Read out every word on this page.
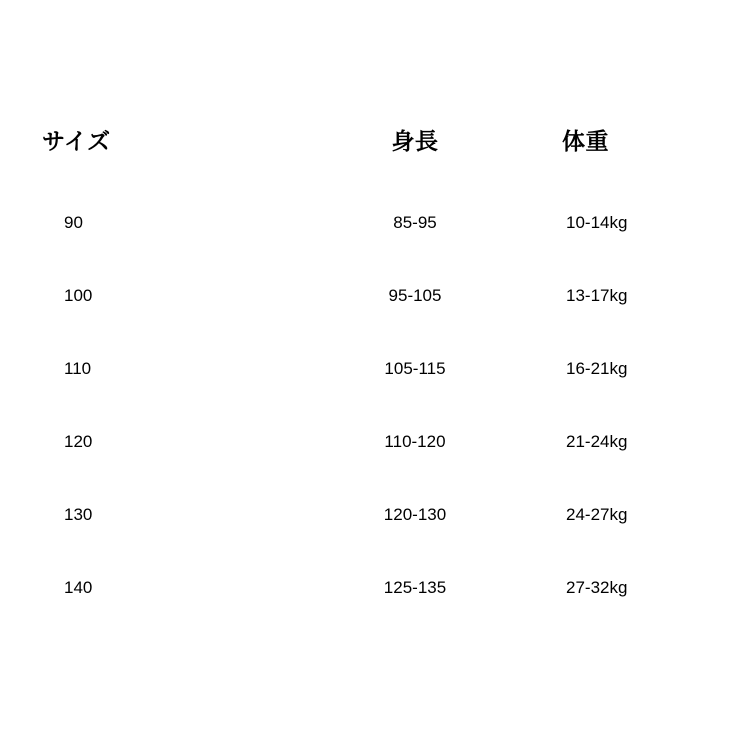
サイズ	身長	体重
90	85-95	10-14kg
100	95-105	13-17kg
110	105-115	16-21kg
120	110-120	21-24kg
130	120-130	24-27kg
140	125-135	27-32kg
